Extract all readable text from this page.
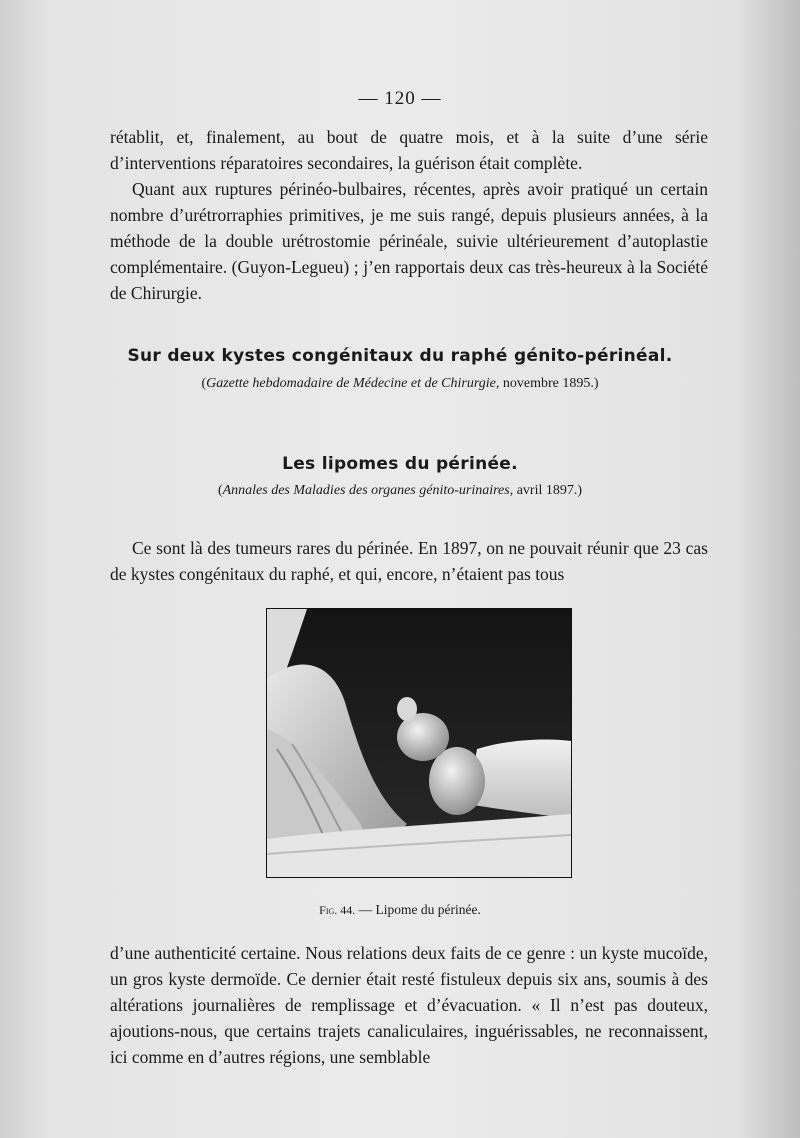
— 120 —

rétablit, et, finalement, au bout de quatre mois, et à la suite d’une série d’interventions réparatoires secondaires, la guérison était complète.

Quant aux ruptures périnéo-bulbaires, récentes, après avoir pratiqué un certain nombre d’urétrorraphies primitives, je me suis rangé, depuis plusieurs années, à la méthode de la double urétrostomie périnéale, suivie ultérieurement d’autoplastie complémentaire. (Guyon-Legueu) ; j’en rapportais deux cas très-heureux à la Société de Chirurgie.

Sur deux kystes congénitaux du raphé génito-périnéal.
(Gazette hebdomadaire de Médecine et de Chirurgie, novembre 1895.)
Les lipomes du périnée.
(Annales des Maladies des organes génito-urinaires, avril 1897.)

Ce sont là des tumeurs rares du périnée. En 1897, on ne pouvait réunir que 23 cas de kystes congénitaux du raphé, et qui, encore, n’étaient pas tous

Fig. 44. — Lipome du périnée.

d’une authenticité certaine. Nous relations deux faits de ce genre : un kyste mucoïde, un gros kyste dermoïde. Ce dernier était resté fistuleux depuis six ans, soumis à des altérations journalières de remplissage et d’évacuation. « Il n’est pas douteux, ajoutions-nous, que certains trajets canaliculaires, inguérissables, ne reconnaissent, ici comme en d’autres régions, une semblable
